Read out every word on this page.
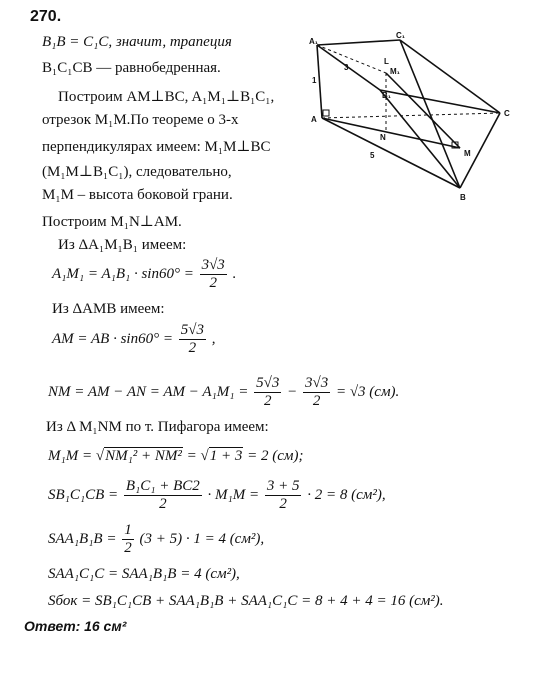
270.
B₁B = C₁C, значит, трапеция
B₁C₁CB — равнобедренная.
Построим AM⊥BC, A₁M₁⊥B₁C₁,
отрезок M₁M.По теореме о 3-х
перпендикулярах имеем: M₁M⊥BC
(M₁M⊥B₁C₁), следовательно,
M₁M – высота боковой грани.
Построим M₁N⊥AM.
A₁
C₁
B₁
A
C
B
M
M₁
N
L
3
1
5
Из ΔA₁M₁B₁ имеем:
$A_1M_1 = A_1B_1 \cdot \sin 60^\circ = \frac{3√3}{2}$ .
Из ΔAMB имеем:
AM = AB · $\sin 60^\circ = \frac{5√3}{2}$ ,
NM = AM − AN = AM − $A_1M_1 = \frac{5√3}{2} - \frac{3√3}{2} = √3$ (см).
Из Δ M₁NM по т. Пифагора имеем:
M₁M = √NM₁² + NM² = √1 + 3 = 2 (см);
$SВ_1C_1CB = \frac{\text{B₁C₁ + BC2}}{2} \cdot M_1M = \frac{3 + 5}{2} \cdot 2 = 8$ (см²),
$SАA_1B_1B = \frac{1}{2} (3 + 5) \cdot 1 = 4$ (см²),
SАA₁C₁C = SАA₁B₁B = 4 (см²),
Sбок = SВ₁C₁CB + SАA₁B₁B + SАA₁C₁C = 8 + 4 + 4 = 16 (см²).
Ответ: 16 см²
